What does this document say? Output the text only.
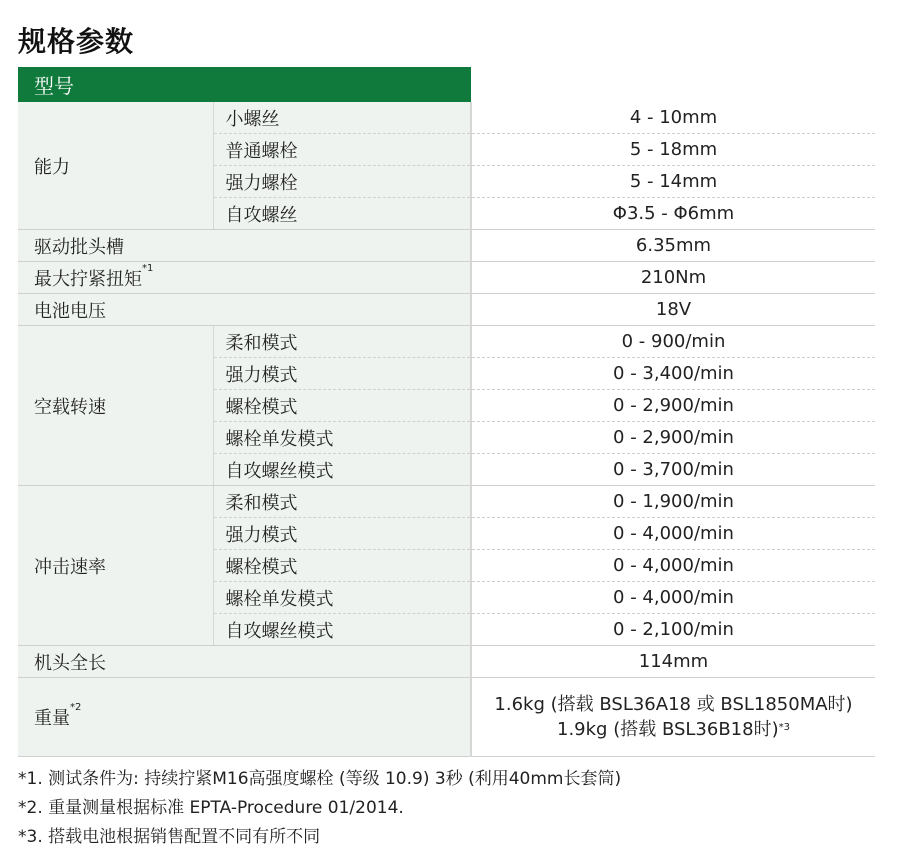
规格参数
型号		WH 18DC
能力	小螺丝	4 - 10mm
	普通螺栓	5 - 18mm
	强力螺栓	5 - 14mm
	自攻螺丝	Φ3.5 - Φ6mm
驱动批头槽		6.35mm
最大拧紧扭矩$^{*1}$		210Nm
电池电压		18V
空载转速	柔和模式	0 - 900/min
	强力模式	0 - 3,400/min
	螺栓模式	0 - 2,900/min
	螺栓单发模式	0 - 2,900/min
	自攻螺丝模式	0 - 3,700/min
冲击速率	柔和模式	0 - 1,900/min
	强力模式	0 - 4,000/min
	螺栓模式	0 - 4,000/min
	螺栓单发模式	0 - 4,000/min
	自攻螺丝模式	0 - 2,100/min
机头全长		114mm
重量$^{*2}$		1.6kg (搭载 BSL36A18 或 BSL1850MA时)
1.9kg (搭载 BSL36B18时)$^{*3}$
*1. 测试条件为: 持续拧紧M16高强度螺栓 (等级 10.9) 3秒 (利用40mm长套筒)
*2. 重量测量根据标准 EPTA-Procedure 01/2014.
*3. 搭载电池根据销售配置不同有所不同
